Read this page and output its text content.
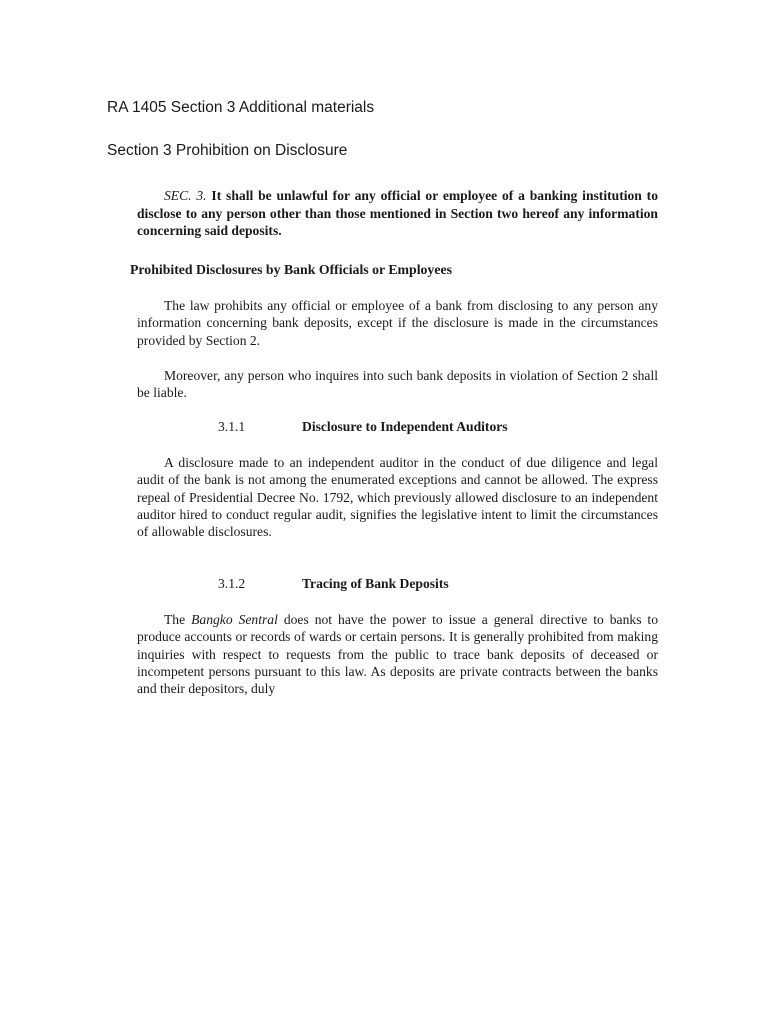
RA 1405 Section 3 Additional materials
Section 3 Prohibition on Disclosure

SEC. 3. It shall be unlawful for any official or employee of a banking institution to disclose to any person other than those mentioned in Section two hereof any information concerning said deposits.

Prohibited Disclosures by Bank Officials or Employees

The law prohibits any official or employee of a bank from disclosing to any person any information concerning bank deposits, except if the disclosure is made in the circumstances provided by Section 2.

Moreover, any person who inquires into such bank deposits in violation of Section 2 shall be liable.

3.1.1	Disclosure to Independent Auditors

A disclosure made to an independent auditor in the conduct of due diligence and legal audit of the bank is not among the enumerated exceptions and cannot be allowed. The express repeal of Presidential Decree No. 1792, which previously allowed disclosure to an independent auditor hired to conduct regular audit, signifies the legislative intent to limit the circumstances of allowable disclosures.

3.1.2	Tracing of Bank Deposits

The Bangko Sentral does not have the power to issue a general directive to banks to produce accounts or records of wards or certain persons. It is generally prohibited from making inquiries with respect to requests from the public to trace bank deposits of deceased or incompetent persons pursuant to this law. As deposits are private contracts between the banks and their depositors, duly
